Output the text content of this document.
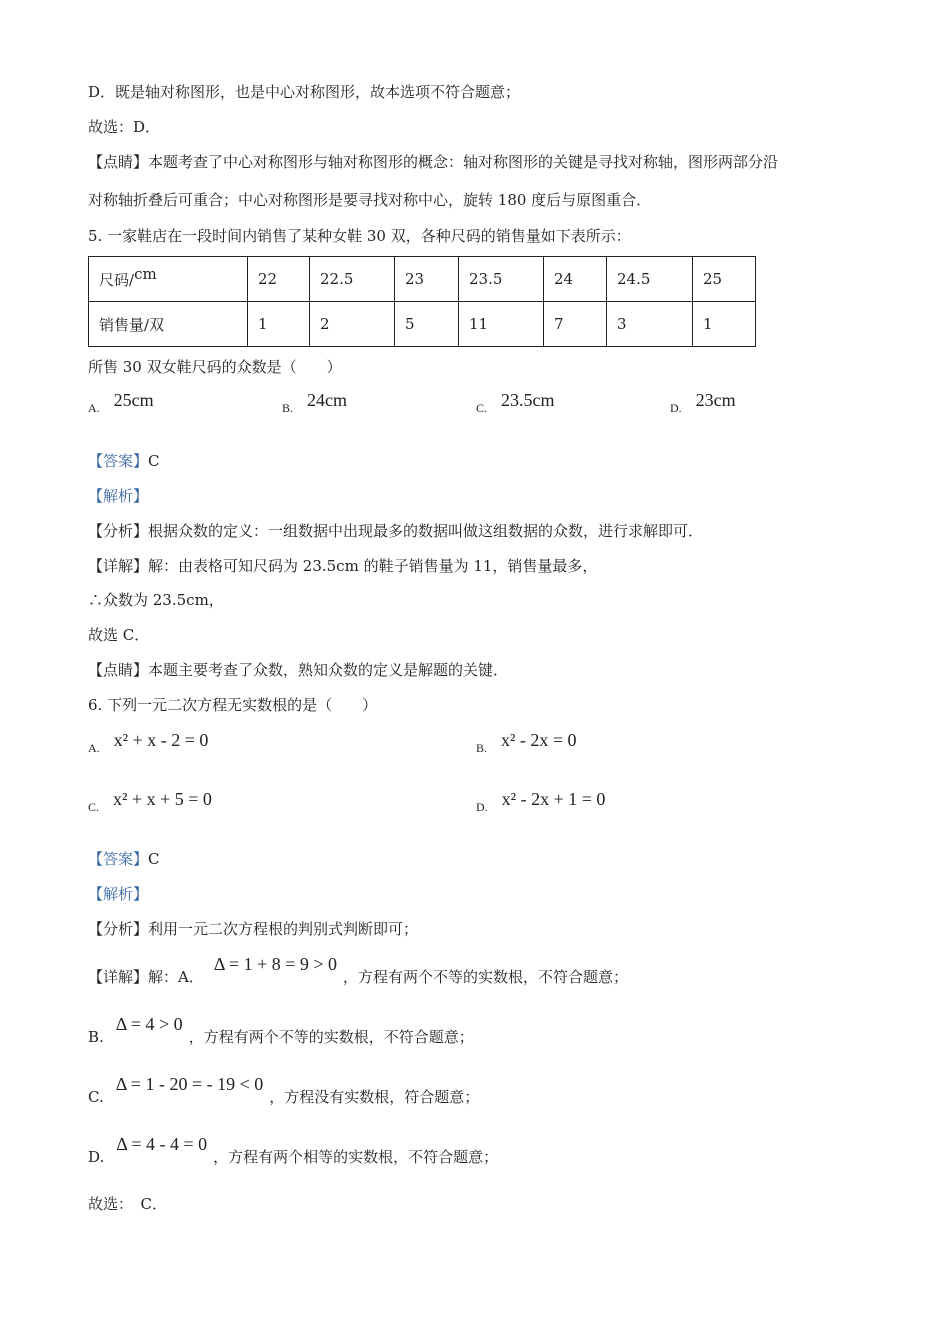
D．既是轴对称图形，也是中心对称图形，故本选项不符合题意；
故选：D．
【点睛】本题考查了中心对称图形与轴对称图形的概念：轴对称图形的关键是寻找对称轴，图形两部分沿
对称轴折叠后可重合；中心对称图形是要寻找对称中心，旋转 180 度后与原图重合．
5. 一家鞋店在一段时间内销售了某种女鞋 30 双，各种尺码的销售量如下表所示：
尺码/cm	22	22.5	23	23.5	24	24.5	25
销售量/双	1	2	5	11	7	3	1
所售 30 双女鞋尺码的众数是（　　）
$_{A.}$ 25cm	$_{B.}$ 24cm	$_{C.}$ 23.5cm	$_{D.}$ 23cm
【答案】C
【解析】
【分析】根据众数的定义：一组数据中出现最多的数据叫做这组数据的众数，进行求解即可．
【详解】解：由表格可知尺码为 23.5cm 的鞋子销售量为 11，销售量最多，
∴众数为 23.5cm，
故选 C．
【点睛】本题主要考查了众数，熟知众数的定义是解题的关键．
6. 下列一元二次方程无实数根的是（　　）
$_{A.}$ x² + x - 2 = 0	$_{B.}$ x² - 2x = 0
$_{C.}$ x² + x + 5 = 0	$_{D.}$ x² - 2x + 1 = 0
【答案】C
【解析】
【分析】利用一元二次方程根的判别式判断即可；
【详解】解：A．Δ = 1 + 8 = 9 > 0，方程有两个不等的实数根，不符合题意；
B.Δ = 4 > 0，方程有两个不等的实数根，不符合题意；
C.Δ = 1 - 20 = - 19 < 0，方程没有实数根，符合题意；
D.Δ = 4 - 4 = 0，方程有两个相等的实数根，不符合题意；
故选：　C．
